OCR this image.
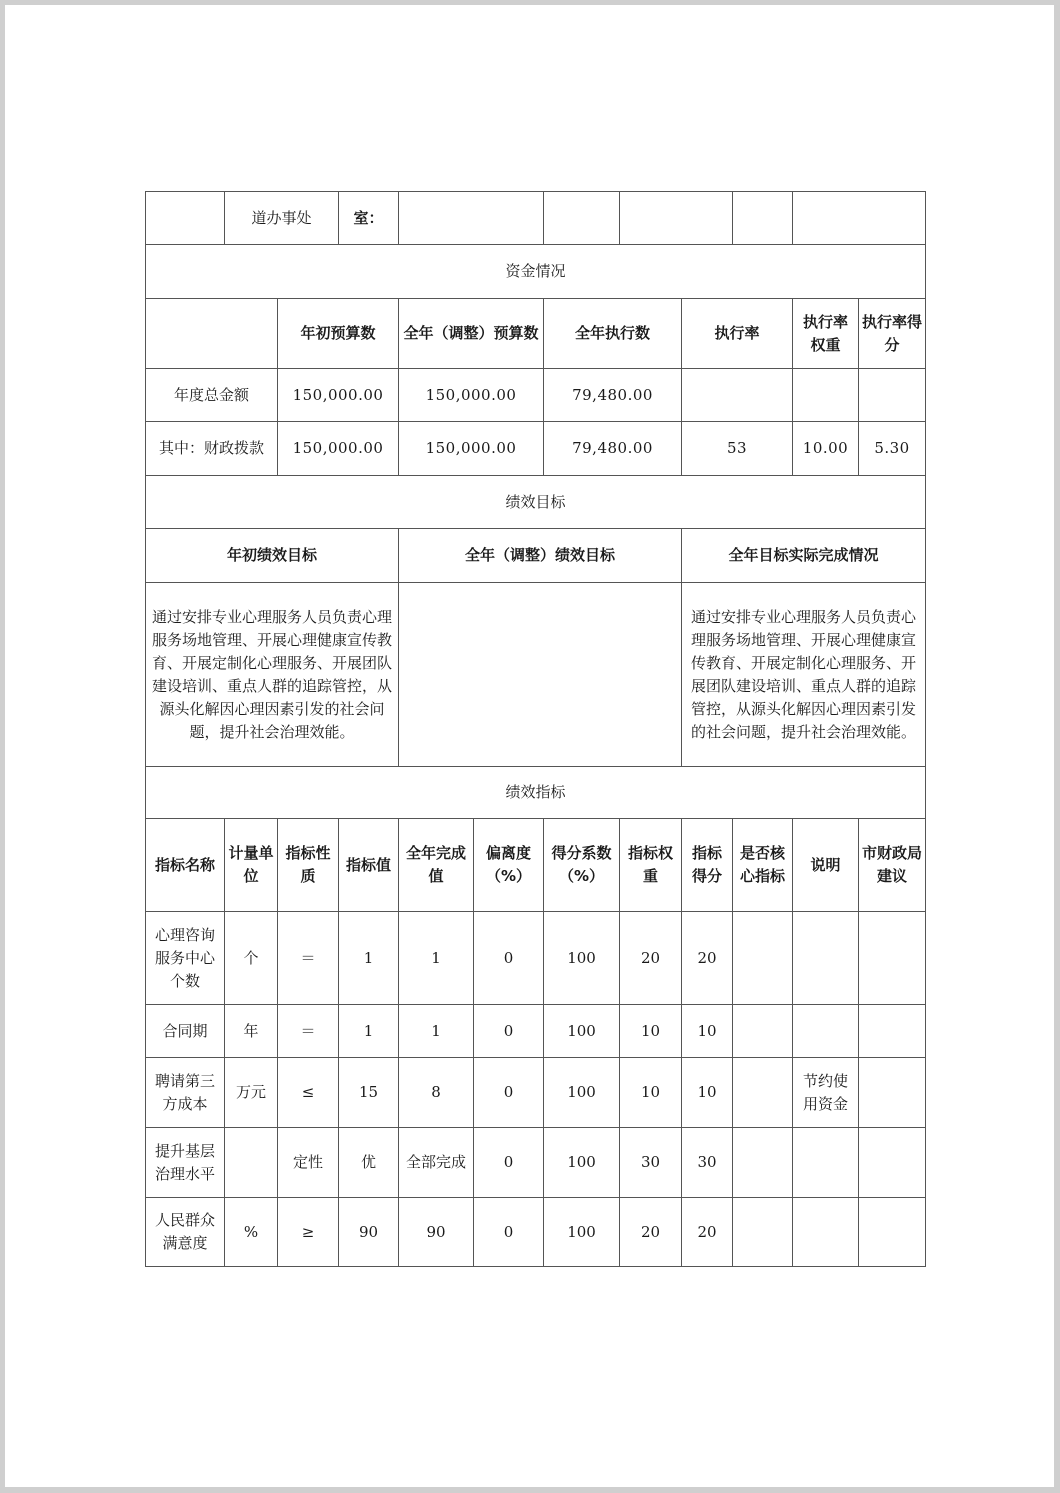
	道办事处		室：								
资金情况											
		年初预算数		全年（调整）预算数		全年执行数		执行率		执行率权重	执行率得分
年度总金额		150,000.00		150,000.00		79,480.00					
其中：财政拨款		150,000.00		150,000.00		79,480.00		53		10.00	5.30
绩效目标											
年初绩效目标				全年（调整）绩效目标				全年目标实际完成情况			
通过安排专业心理服务人员负责心理服务场地管理、开展心理健康宣传教育、开展定制化心理服务、开展团队建设培训、重点人群的追踪管控，从源头化解因心理因素引发的社会问题，提升社会治理效能。								通过安排专业心理服务人员负责心理服务场地管理、开展心理健康宣传教育、开展定制化心理服务、开展团队建设培训、重点人群的追踪管控，从源头化解因心理因素引发的社会问题，提升社会治理效能。			
绩效指标											
指标名称	计量单位	指标性质	指标值	全年完成值	偏离度（%）	得分系数（%）	指标权重	指标得分	是否核心指标	说明	市财政局建议
心理咨询服务中心个数	个	＝	1	1	0	100	20	20			
合同期	年	＝	1	1	0	100	10	10			
聘请第三方成本	万元	≤	15	8	0	100	10	10		节约使用资金	
提升基层治理水平		定性	优	全部完成	0	100	30	30			
人民群众满意度	%	≥	90	90	0	100	20	20			
